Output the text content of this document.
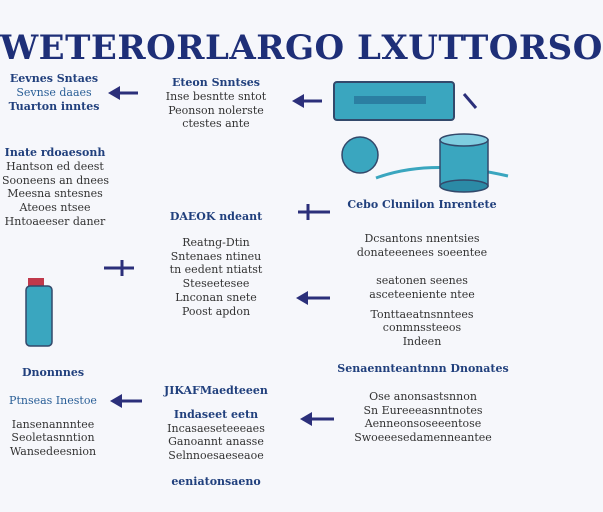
WETERORLARGO LXUTTORSO
Eevnes Sntaes
Sevnse daaes
Tuarton inntes
Inate rdoaesonh
Hantson ed deest
Sooneens an dnees
Meesna sntesnes
Ateoes ntsee
Hntoaeeser daner
Eteon Snntses
Inse besntte sntot
Peonson nolerste
ctestes ante
DAEOK ndeant
Reatng-Dtin
Sntenaes ntineu
tn eedent ntiatst
Steseetesee
Lnconan snete
Poost apdon
Cebo Clunilon Inrentete
Dcsantons nnentsies
donateeenees soeentee
seatonen seenes
asceteeniente ntee
Tonttaeatnsnntees
conmnssteeos
Indeen
Dnonnnes
Ptnseas Inestoe
Iansenannntee
Seoletasnntion
Wansedeesnion
JIKAFMaedteeen
Indaseet eetn
Incasaeseteeeaes
Ganoannt anasse
Selnnoesaeseaoe
eeniatonsaeno
Senaennteantnnn Dnonates
Ose anonsastsnnon
Sn Eureeeasnntnotes
Aenneonsoseeentose
Swoeeesedamenneantee
